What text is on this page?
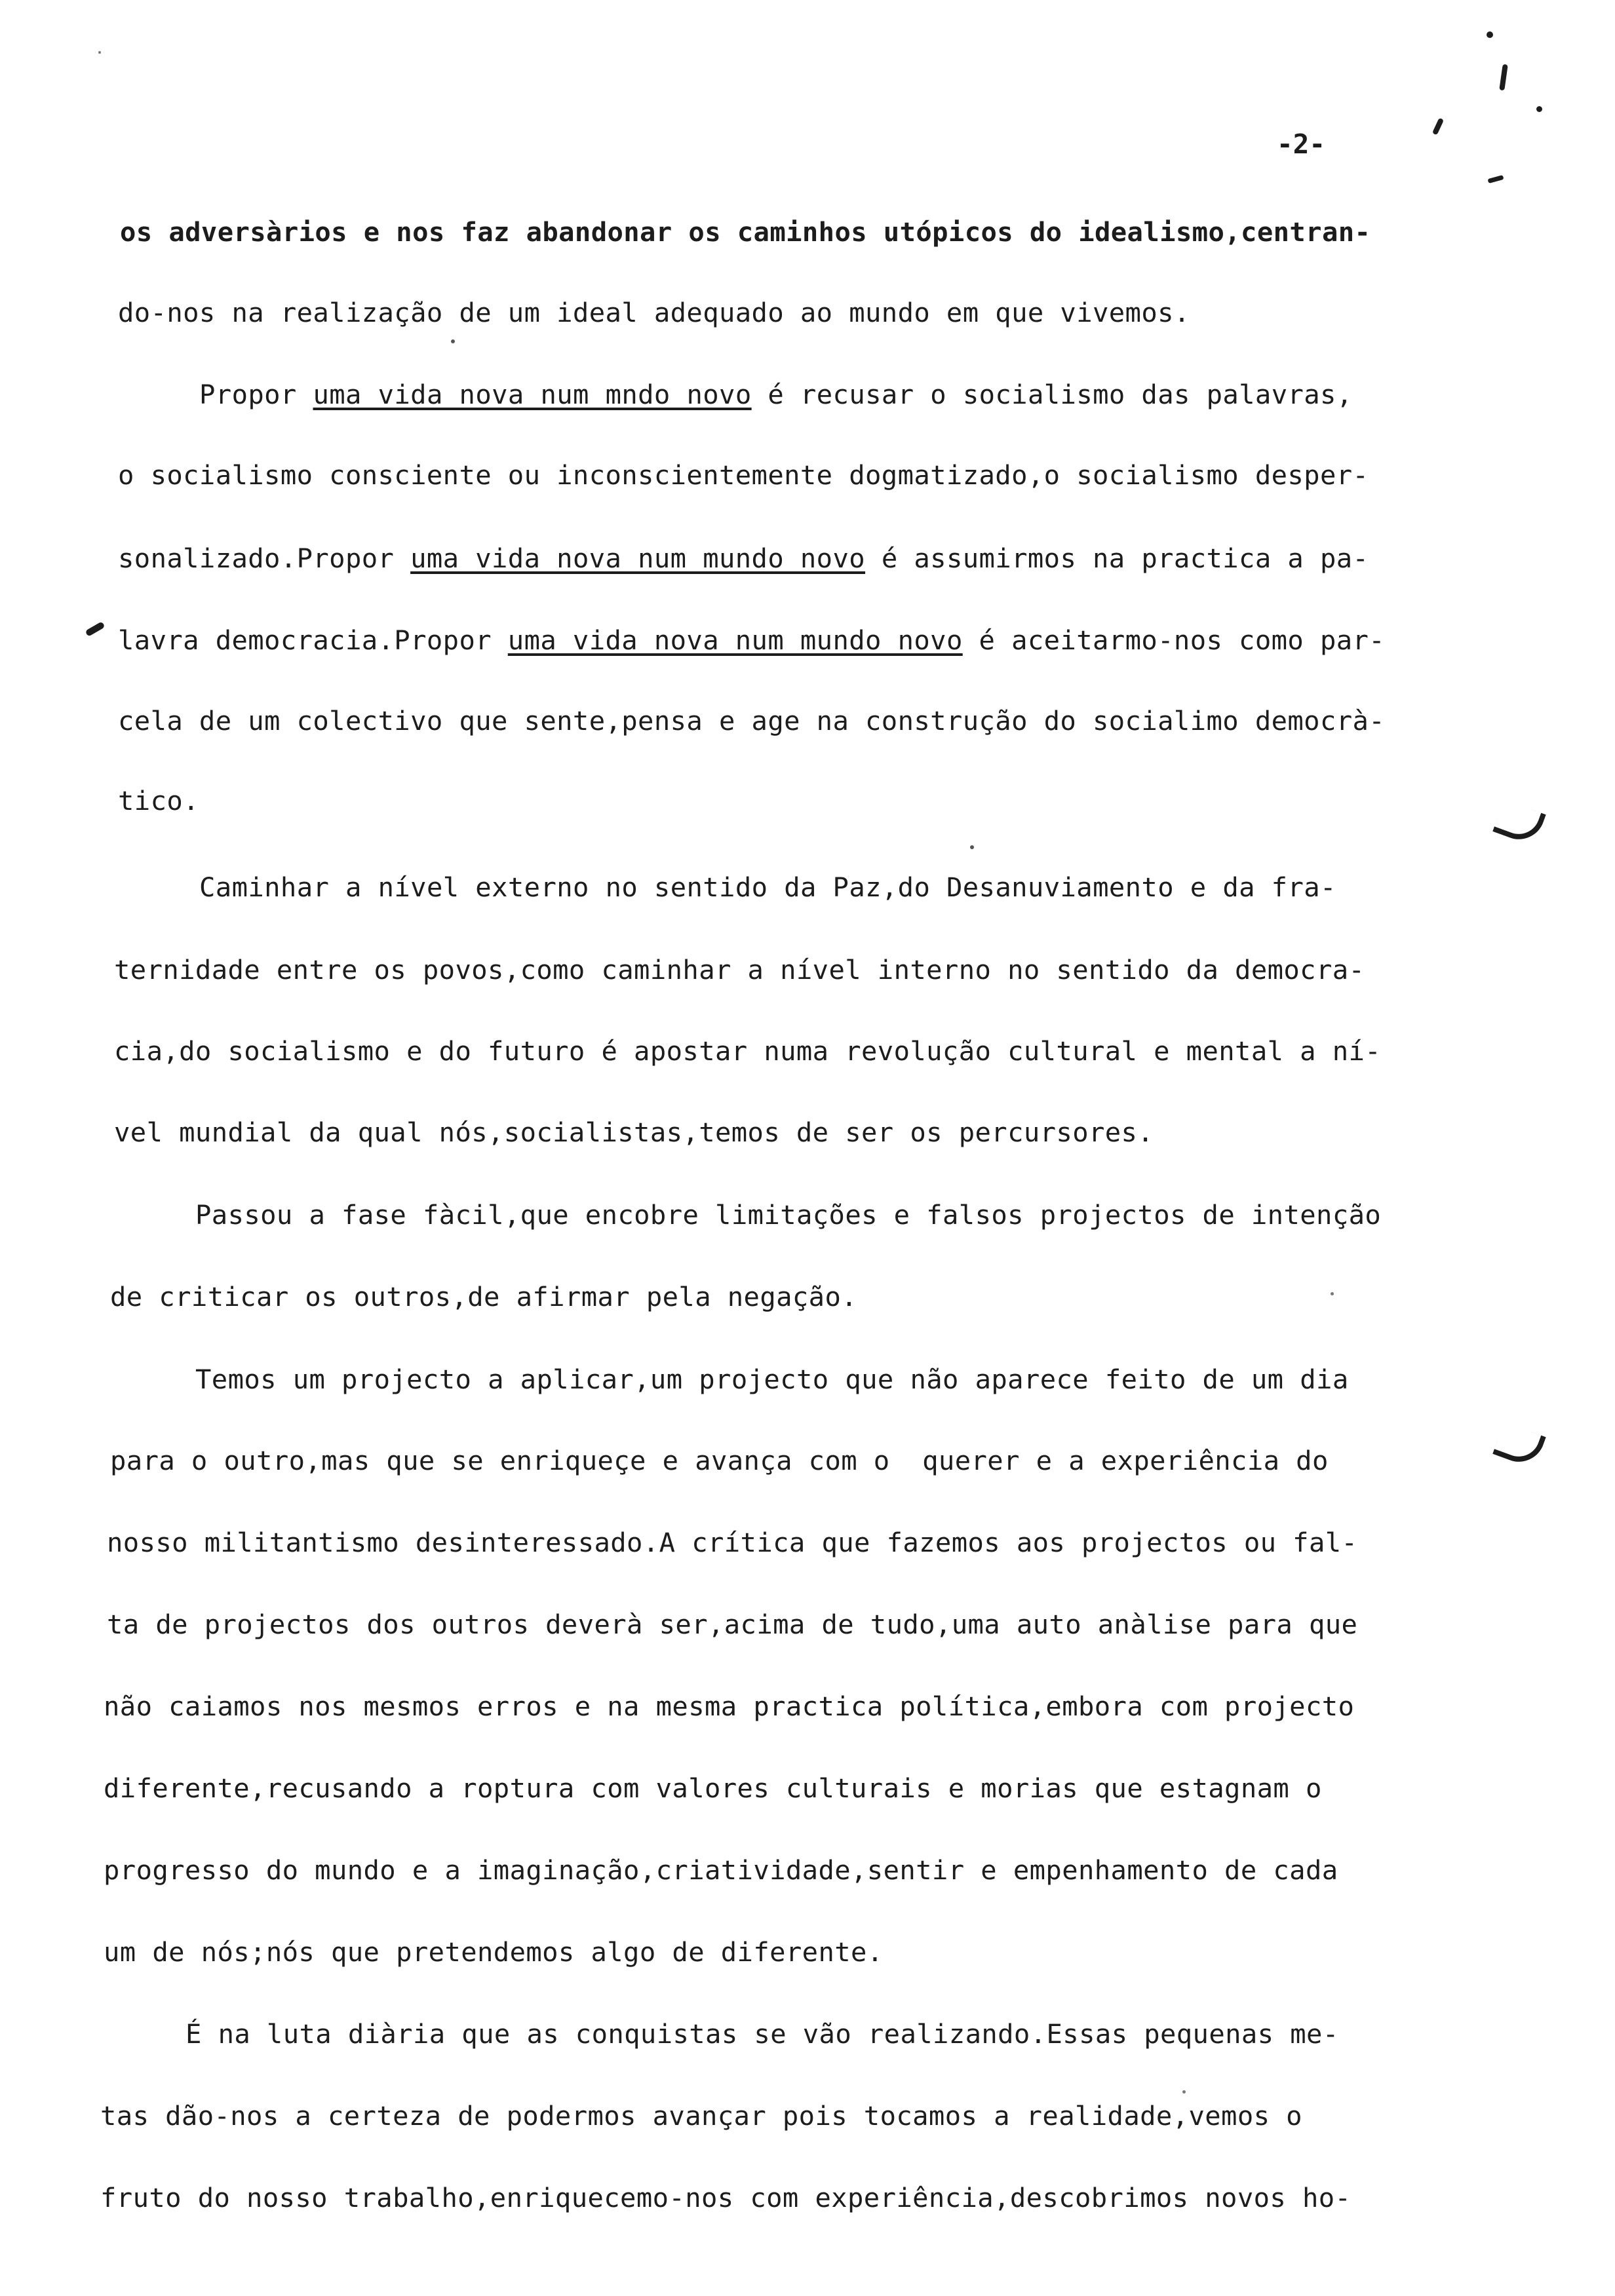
-2-
os adversàrios e nos faz abandonar os caminhos utópicos do idealismo,centran-
do-nos na realização de um ideal adequado ao mundo em que vivemos.
Propor uma vida nova num mndo novo é recusar o socialismo das palavras,
o socialismo consciente ou inconscientemente dogmatizado,o socialismo desper-
sonalizado.Propor uma vida nova num mundo novo é assumirmos na practica a pa-
lavra democracia.Propor uma vida nova num mundo novo é aceitarmo-nos como par-
cela de um colectivo que sente,pensa e age na construção do socialimo democrà-
tico.
Caminhar a nível externo no sentido da Paz,do Desanuviamento e da fra-
ternidade entre os povos,como caminhar a nível interno no sentido da democra-
cia,do socialismo e do futuro é apostar numa revolução cultural e mental a ní-
vel mundial da qual nós,socialistas,temos de ser os percursores.
Passou a fase fàcil,que encobre limitações e falsos projectos de intenção
de criticar os outros,de afirmar pela negação.
Temos um projecto a aplicar,um projecto que não aparece feito de um dia
para o outro,mas que se enriqueçe e avança com o  querer e a experiência do
nosso militantismo desinteressado.A crítica que fazemos aos projectos ou fal-
ta de projectos dos outros deverà ser,acima de tudo,uma auto anàlise para que
não caiamos nos mesmos erros e na mesma practica política,embora com projecto
diferente,recusando a roptura com valores culturais e morias que estagnam o
progresso do mundo e a imaginação,criatividade,sentir e empenhamento de cada
um de nós;nós que pretendemos algo de diferente.
É na luta diària que as conquistas se vão realizando.Essas pequenas me-
tas dão-nos a certeza de podermos avançar pois tocamos a realidade,vemos o
fruto do nosso trabalho,enriquecemo-nos com experiência,descobrimos novos ho-
